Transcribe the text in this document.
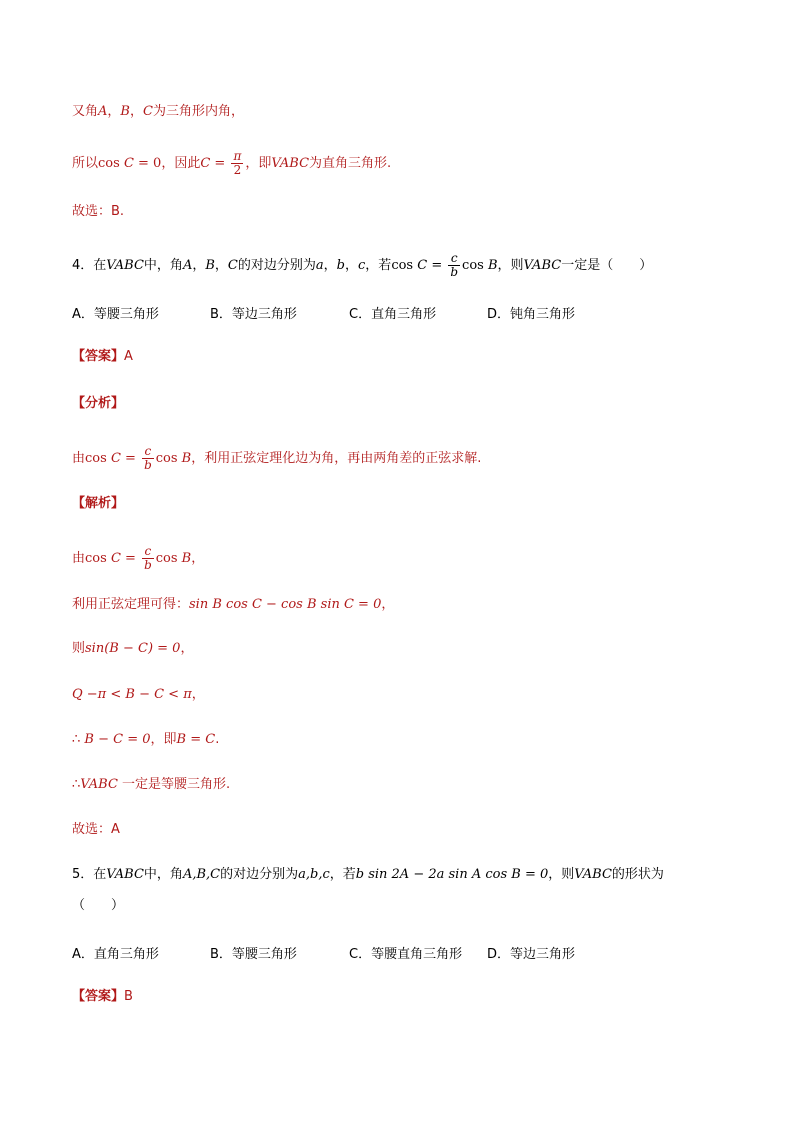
又角A，B，C为三角形内角，
所以cos C = 0，因此$C = \frac{\pi}{2}$ ，即VABC为直角三角形.
故选：B.
4．在VABC中，角A，B，C的对边分别为a，b，c，若$\cos C = \frac{c}{b}$ cos B，则VABC一定是（　　）
A．等腰三角形	B．等边三角形	C．直角三角形	D．钝角三角形
【答案】A
【分析】
由$\cos C = \frac{c}{b}$ cos B，利用正弦定理化边为角，再由两角差的正弦求解.
【解析】
由$\cos C = \frac{c}{b}$ cos B，
利用正弦定理可得：sin B cos C − cos B sin C = 0，
则sin(B − C) = 0，
Q −π < B − C < π，
∴ B − C = 0，即B = C.
∴VABC 一定是等腰三角形.
故选：A
5．在VABC中，角A,B,C的对边分别为a,b,c，若b sin 2A − 2a sin A cos B = 0，则VABC的形状为
（　　）
A．直角三角形	B．等腰三角形	C．等腰直角三角形 D．等边三角形
【答案】B
